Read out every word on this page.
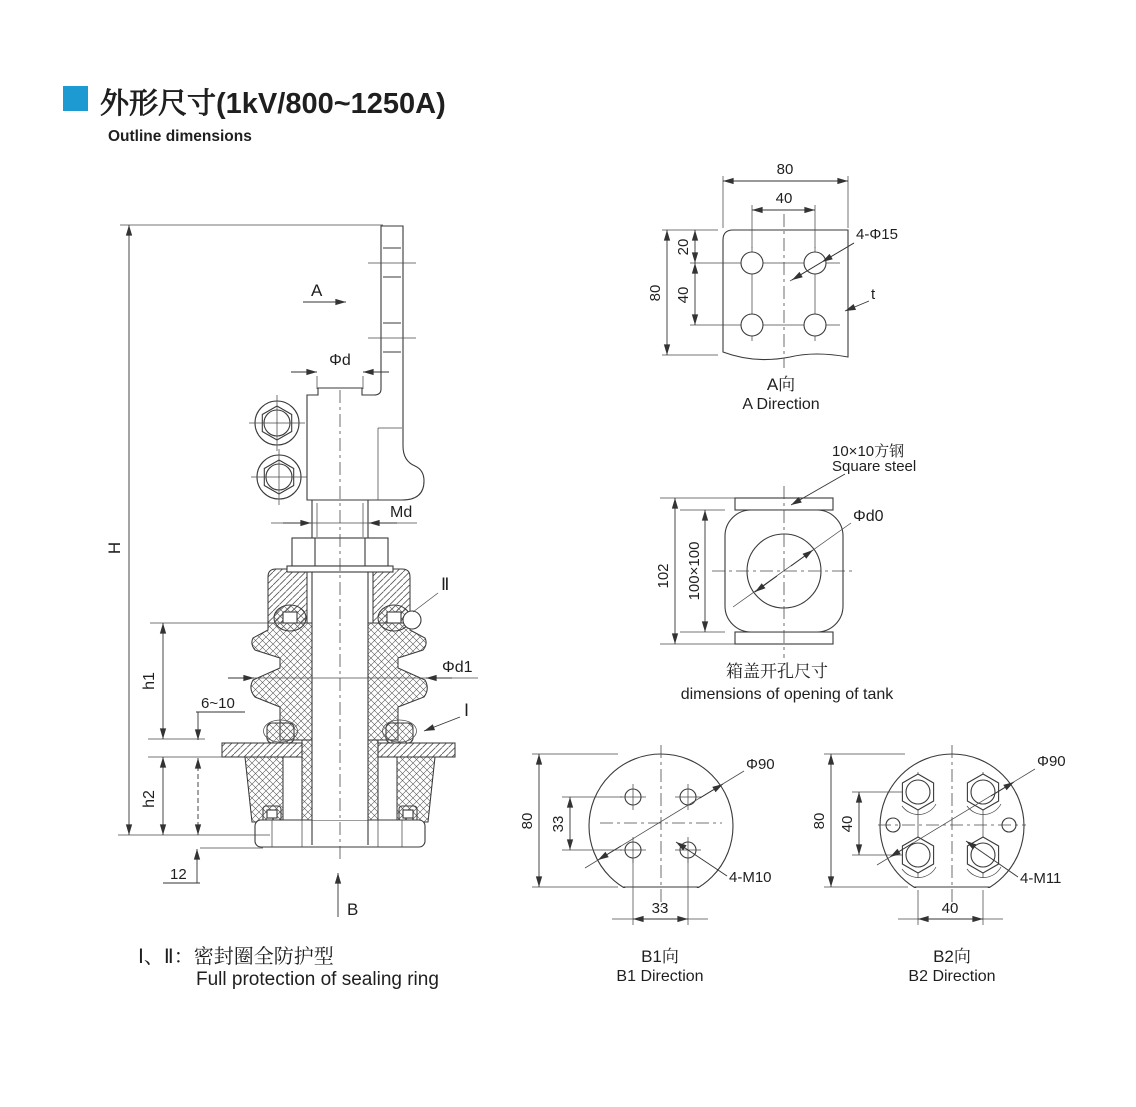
外形尺寸(1kV/800~1250A)
Outline dimensions
H
h1
h2
6~10
12
Φd
Md
Φd1
A
B
Ⅱ
Ⅰ
80
40
80
20
40
4-Φ15
t
A向
A Direction
Φd0
102 100×100
10×10方钢
Square steel
箱盖开孔尺寸
dimensions of opening of tank
80 33
33
Φ90
4-M10
B1向
B1 Direction
80 40
40
Φ90
4-M11
B2向
B2 Direction
Ⅰ、Ⅱ：密封圈全防护型
Full protection of sealing ring
